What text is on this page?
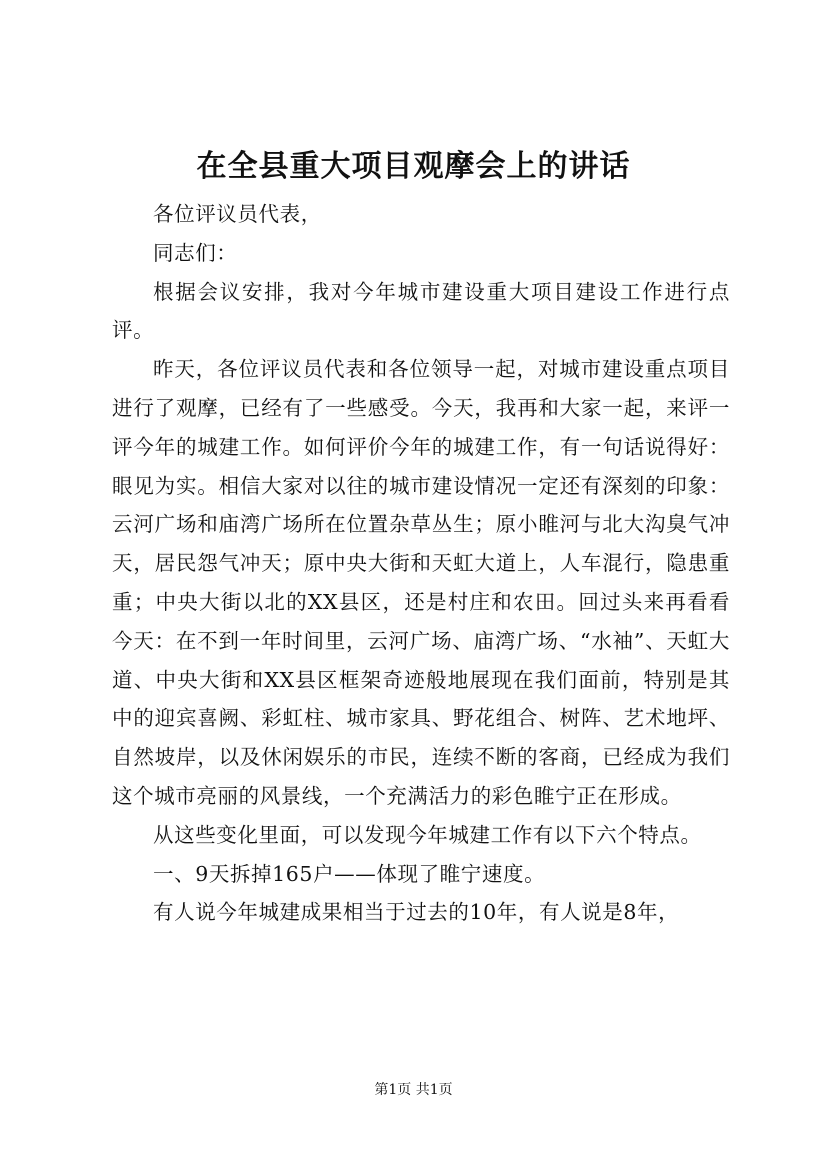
在全县重大项目观摩会上的讲话

各位评议员代表，

同志们：

根据会议安排，我对今年城市建设重大项目建设工作进行点评。

昨天，各位评议员代表和各位领导一起，对城市建设重点项目进行了观摩，已经有了一些感受。今天，我再和大家一起，来评一评今年的城建工作。如何评价今年的城建工作，有一句话说得好：眼见为实。相信大家对以往的城市建设情况一定还有深刻的印象：云河广场和庙湾广场所在位置杂草丛生；原小睢河与北大沟臭气冲天，居民怨气冲天；原中央大街和天虹大道上，人车混行，隐患重重；中央大街以北的XX县区，还是村庄和农田。回过头来再看看今天：在不到一年时间里，云河广场、庙湾广场、“水袖”、天虹大道、中央大街和XX县区框架奇迹般地展现在我们面前，特别是其中的迎宾喜阙、彩虹柱、城市家具、野花组合、树阵、艺术地坪、自然坡岸，以及休闲娱乐的市民，连续不断的客商，已经成为我们这个城市亮丽的风景线，一个充满活力的彩色睢宁正在形成。

从这些变化里面，可以发现今年城建工作有以下六个特点。

一、9天拆掉165户——体现了睢宁速度。

有人说今年城建成果相当于过去的10年，有人说是8年，

第1页 共1页
